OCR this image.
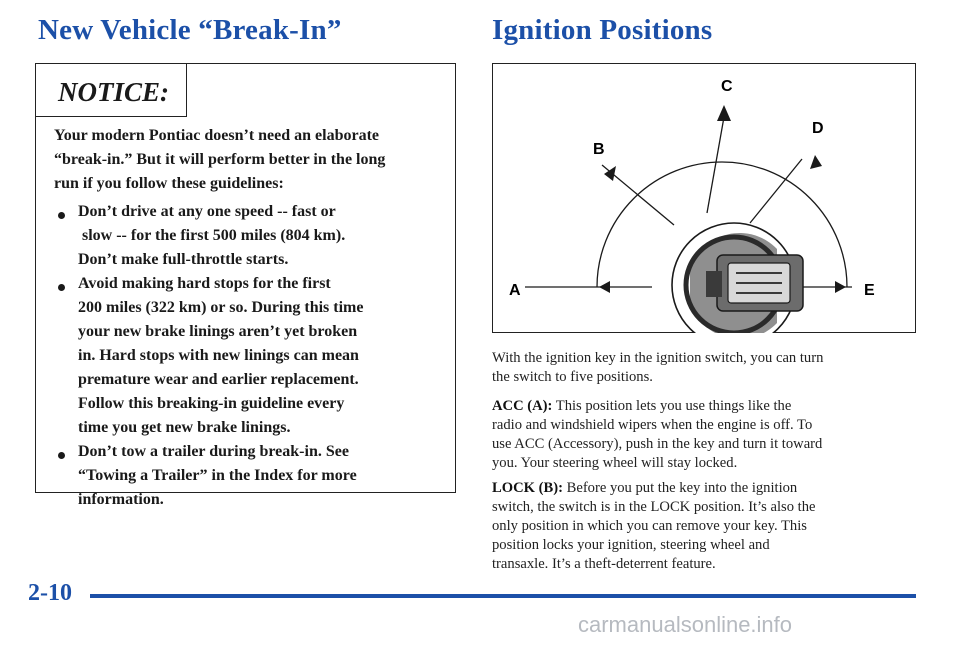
New Vehicle “Break-In”	Ignition Positions
NOTICE:
Your modern Pontiac doesn’t need an elaborate
“break-in.” But it will perform better in the long
run if you follow these guidelines:
Don’t drive at any one speed -- fast or
slow -- for the first 500 miles (804 km).
Don’t make full-throttle starts.
Avoid making hard stops for the first
200 miles (322 km) or so. During this time
your new brake linings aren’t yet broken
in. Hard stops with new linings can mean
premature wear and earlier replacement.
Follow this breaking-in guideline every
time you get new brake linings.
Don’t tow a trailer during break-in. See
“Towing a Trailer” in the Index for more
information.
C
B
D
A	E
With the ignition key in the ignition switch, you can turn
the switch to five positions.
ACC (A): This position lets you use things like the
radio and windshield wipers when the engine is off. To
use ACC (Accessory), push in the key and turn it toward
you. Your steering wheel will stay locked.
LOCK (B): Before you put the key into the ignition
switch, the switch is in the LOCK position. It’s also the
only position in which you can remove your key. This
position locks your ignition, steering wheel and
transaxle. It’s a theft-deterrent feature.
2-10
carmanualsonline.info
